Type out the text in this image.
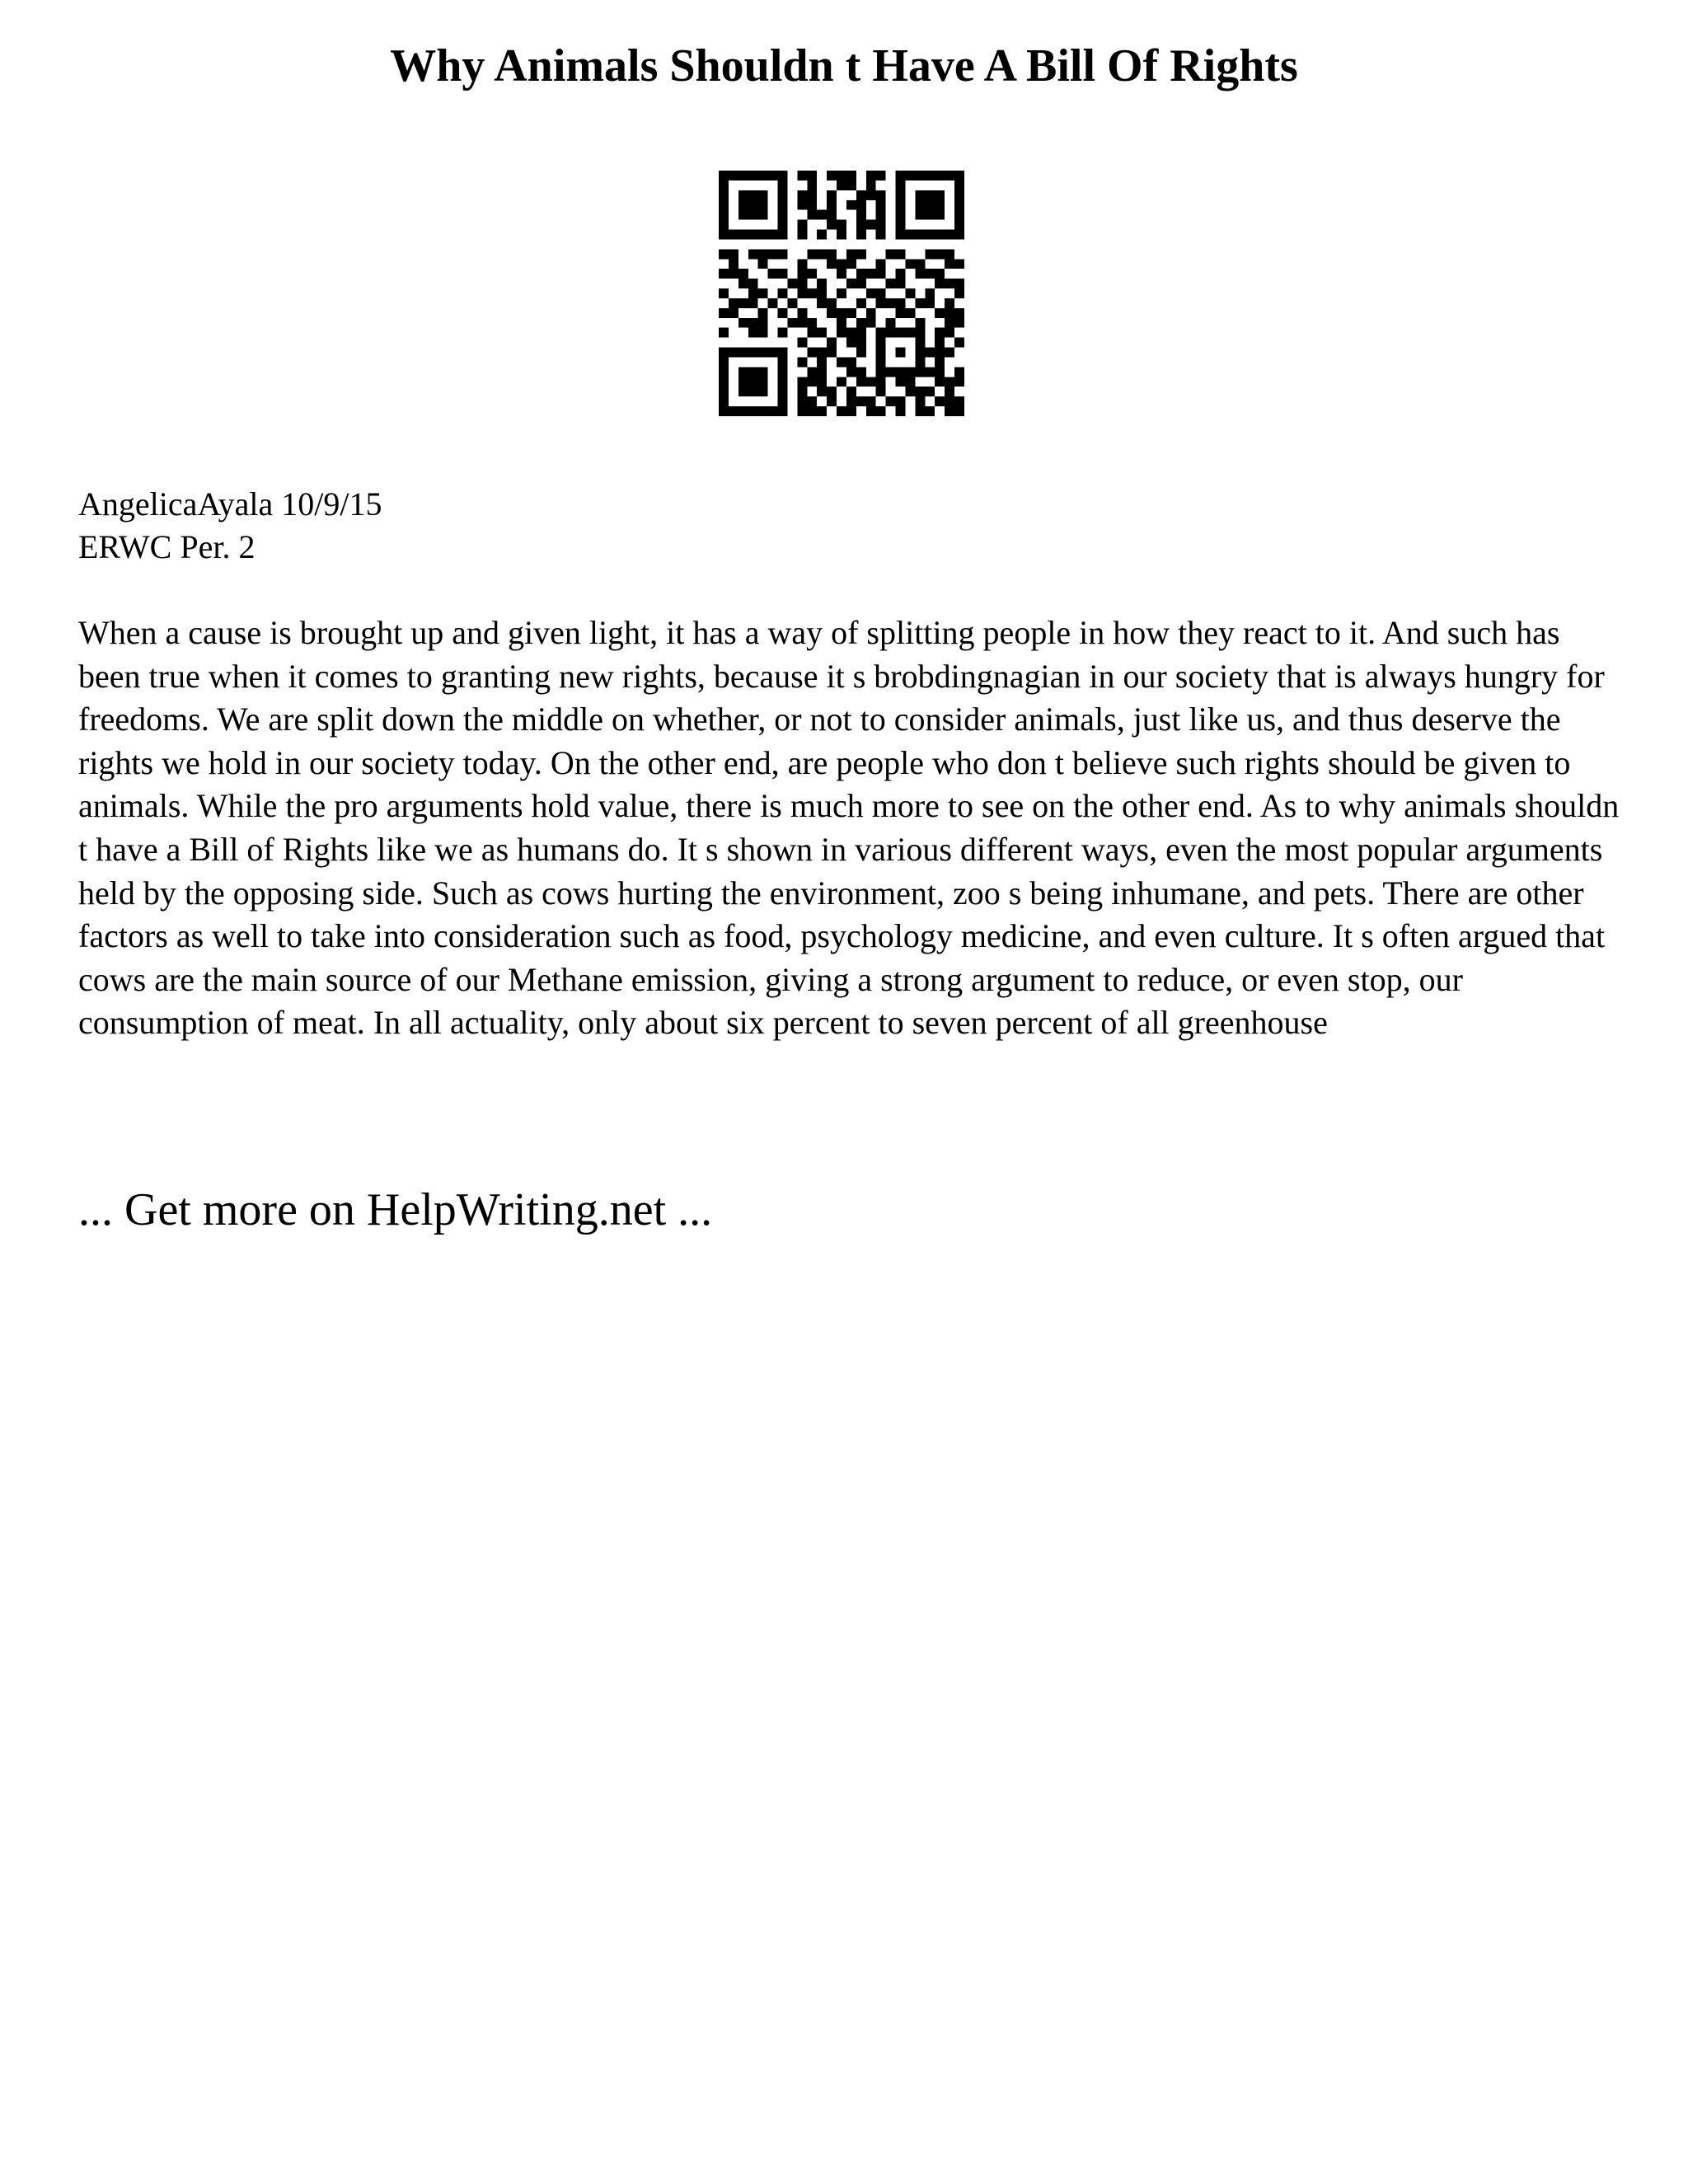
Why Animals Shouldn t Have A Bill Of Rights
AngelicaAyala 10/9/15
ERWC Per. 2

When a cause is brought up and given light, it has a way of splitting people in how they react to it. And such has been true when it comes to granting new rights, because it s brobdingnagian in our society that is always hungry for freedoms. We are split down the middle on whether, or not to consider animals, just like us, and thus deserve the rights we hold in our society today. On the other end, are people who don t believe such rights should be given to animals. While the pro arguments hold value, there is much more to see on the other end. As to why animals shouldn t have a Bill of Rights like we as humans do. It s shown in various different ways, even the most popular arguments held by the opposing side. Such as cows hurting the environment, zoo s being inhumane, and pets. There are other factors as well to take into consideration such as food, psychology medicine, and even culture. It s often argued that cows are the main source of our Methane emission, giving a strong argument to reduce, or even stop, our consumption of meat. In all actuality, only about six percent to seven percent of all greenhouse

... Get more on HelpWriting.net ...
